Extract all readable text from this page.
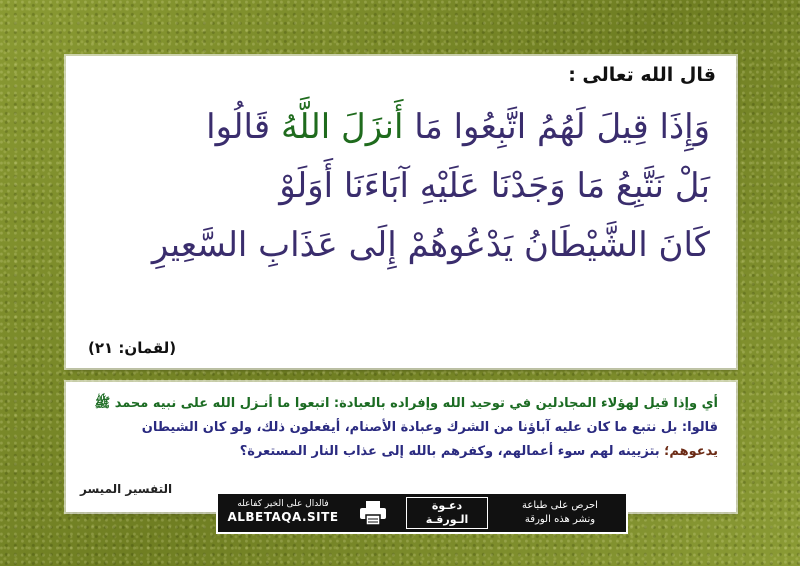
قال الله تعالى :
وَإِذَا قِيلَ لَهُمُ اتَّبِعُوا مَا أَنزَلَ اللَّهُ قَالُوا
بَلْ نَتَّبِعُ مَا وَجَدْنَا عَلَيْهِ آبَاءَنَا أَوَلَوْ
كَانَ الشَّيْطَانُ يَدْعُوهُمْ إِلَى عَذَابِ السَّعِيرِ
(لقمان: ٢١)
أي وإذا قيل لهؤلاء المجادلين في توحيد الله وإفراده بالعبادة: اتبعوا ما أنـزل الله على نبيه محمد ﷺ قالوا: بل نتبع ما كان عليه آباؤنا من الشرك وعبادة الأصنام، أيفعلون ذلك، ولو كان الشيطان يدعوهم؛ بتزيينه لهم سوء أعمالهم، وكفرهم بالله إلى عذاب النار المستعرة؟
التفسير الميسر
فالدال على الخير كفاعله
ALBETAQA.SITE
دعـوة
الـورقـة
احرص على طباعة
ونشر هذه الورقة
